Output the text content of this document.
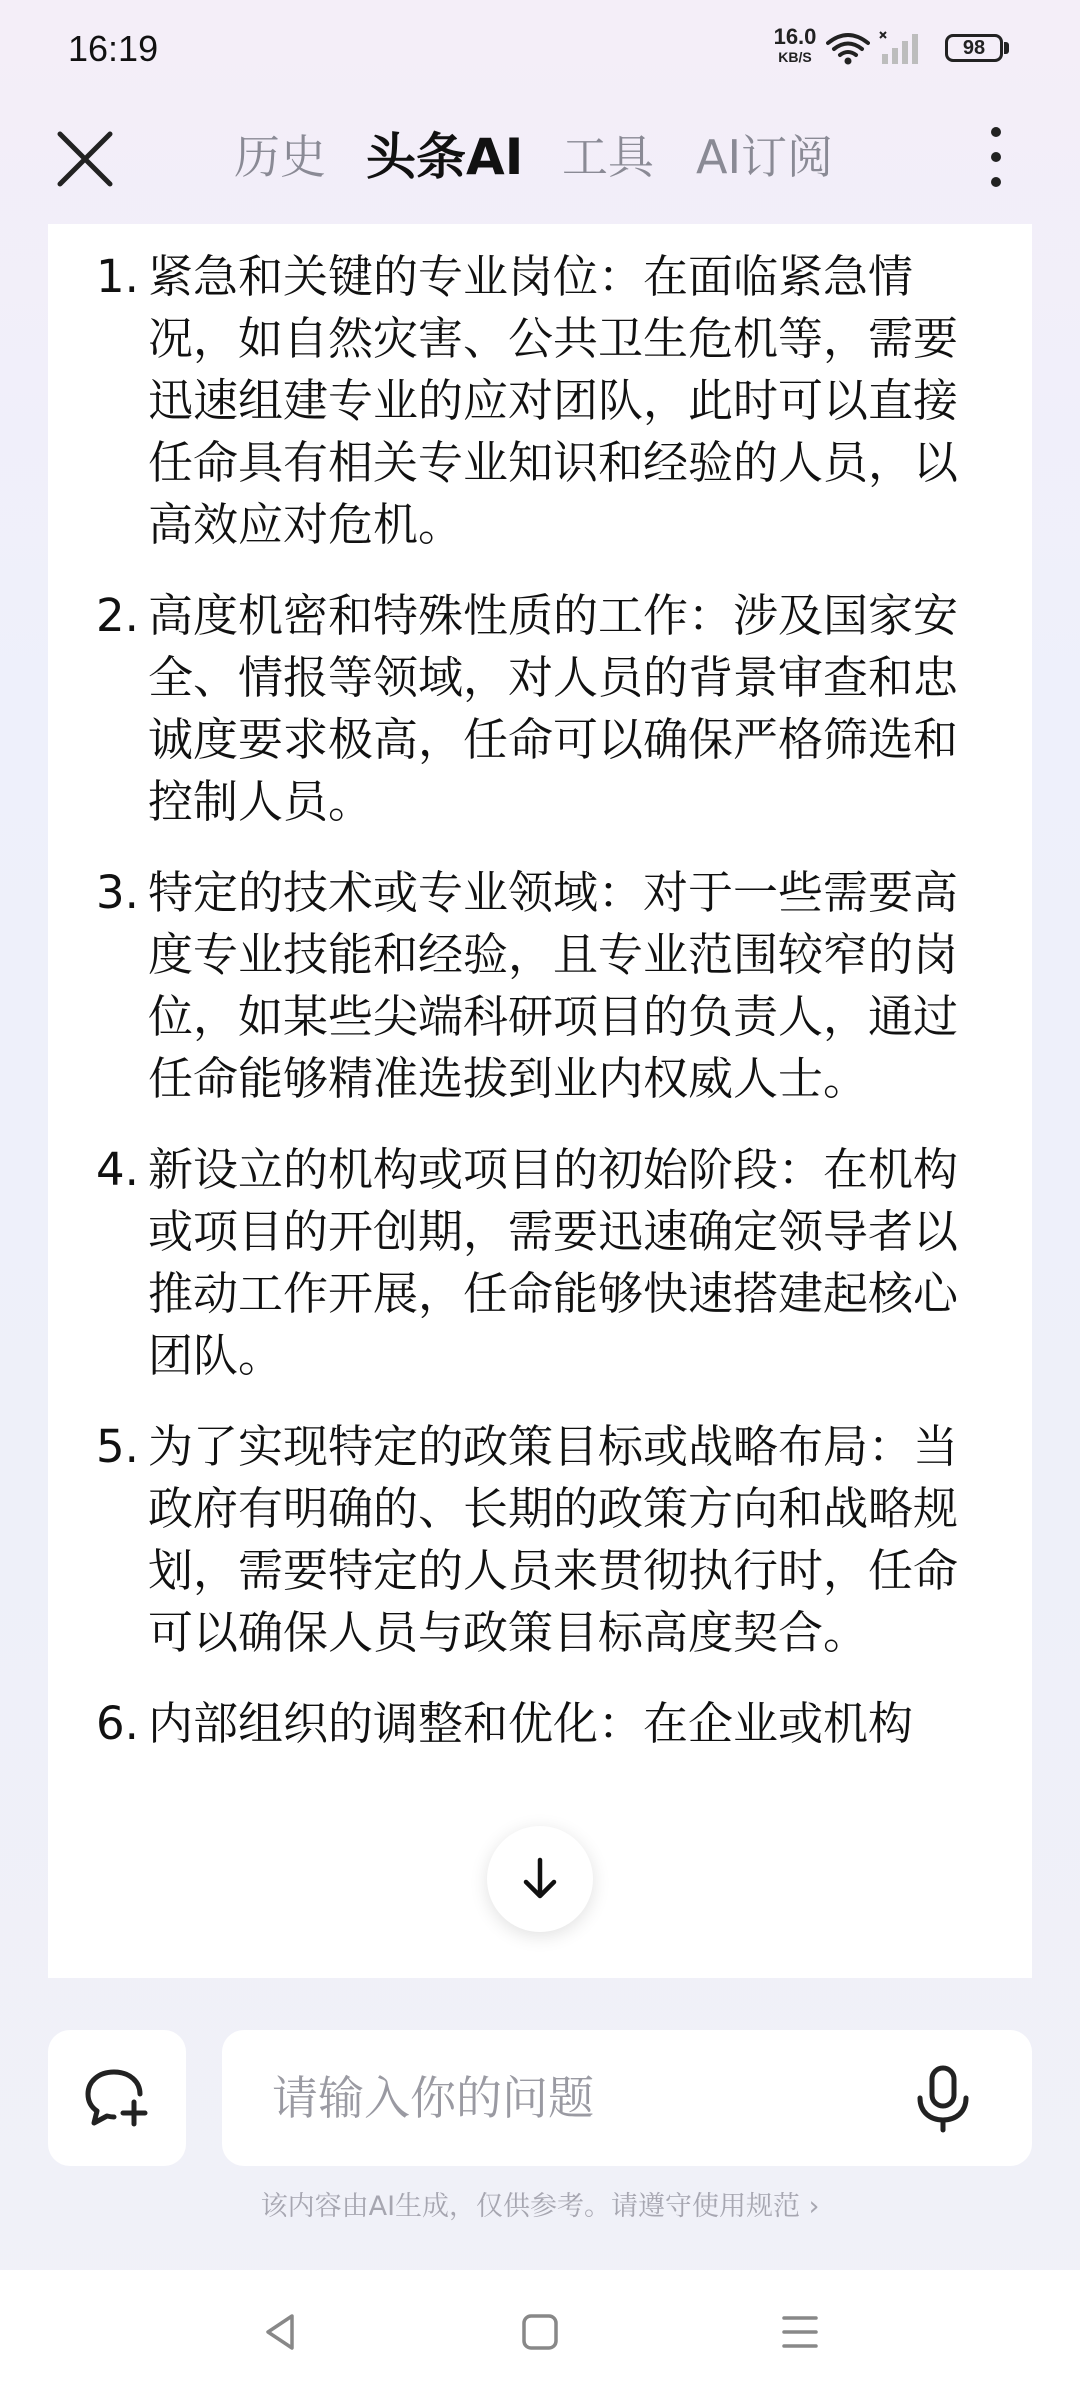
16:19	16.0
KB/S	98
历史 头条AI 工具 AI订阅
1. 紧急和关键的专业岗位：在面临紧急情况，如自然灾害、公共卫生危机等，需要迅速组建专业的应对团队，此时可以直接任命具有相关专业知识和经验的人员，以高效应对危机。
2. 高度机密和特殊性质的工作：涉及国家安全、情报等领域，对人员的背景审查和忠诚度要求极高，任命可以确保严格筛选和控制人员。
3. 特定的技术或专业领域：对于一些需要高度专业技能和经验，且专业范围较窄的岗位，如某些尖端科研项目的负责人，通过任命能够精准选拔到业内权威人士。
4. 新设立的机构或项目的初始阶段：在机构或项目的开创期，需要迅速确定领导者以推动工作开展，任命能够快速搭建起核心团队。
5. 为了实现特定的政策目标或战略布局：当政府有明确的、长期的政策方向和战略规划，需要特定的人员来贯彻执行时，任命可以确保人员与政策目标高度契合。
6. 内部组织的调整和优化：在企业或机构
请输入你的问题
该内容由AI生成，仅供参考。请遵守使用规范 ›
